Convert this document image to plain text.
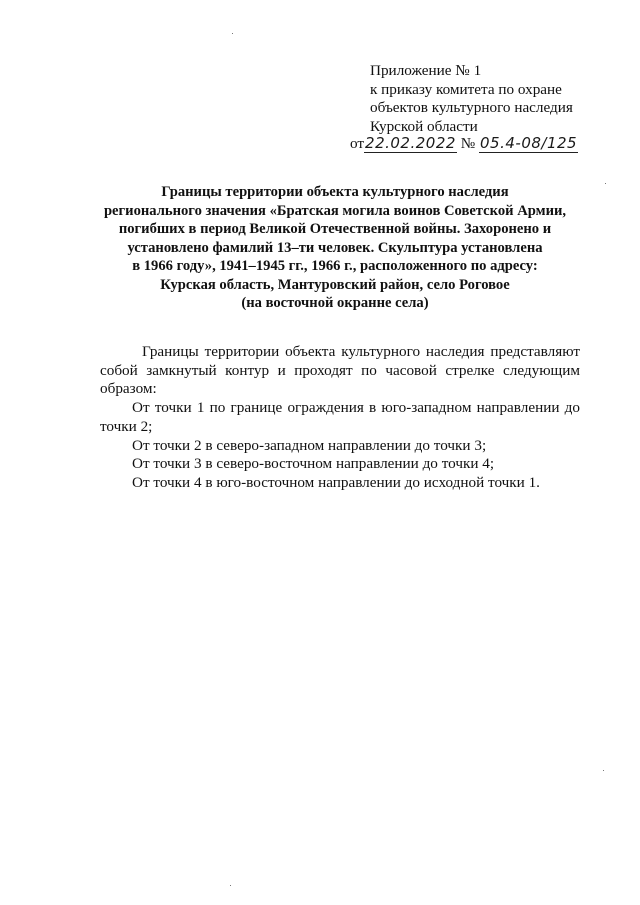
Приложение № 1
к приказу комитета по охране
объектов культурного наследия
Курской области
от22.02.2022 № 05.4-08/125
Границы территории объекта культурного наследия
регионального значения «Братская могила воинов Советской Армии,
погибших в период Великой Отечественной войны. Захоронено и
установлено фамилий 13–ти человек. Скульптура установлена
в 1966 году», 1941–1945 гг., 1966 г., расположенного по адресу:
Курская область, Мантуровский район, село Роговое
(на восточной окранне села)

Границы территории объекта культурного наследия представляют собой замкнутый контур и проходят по часовой стрелке следующим образом:

От точки 1 по границе ограждения в юго-западном направлении до точки 2;

От точки 2 в северо-западном направлении до точки 3;

От точки 3 в северо-восточном направлении до точки 4;

От точки 4 в юго-восточном направлении до исходной точки 1.
